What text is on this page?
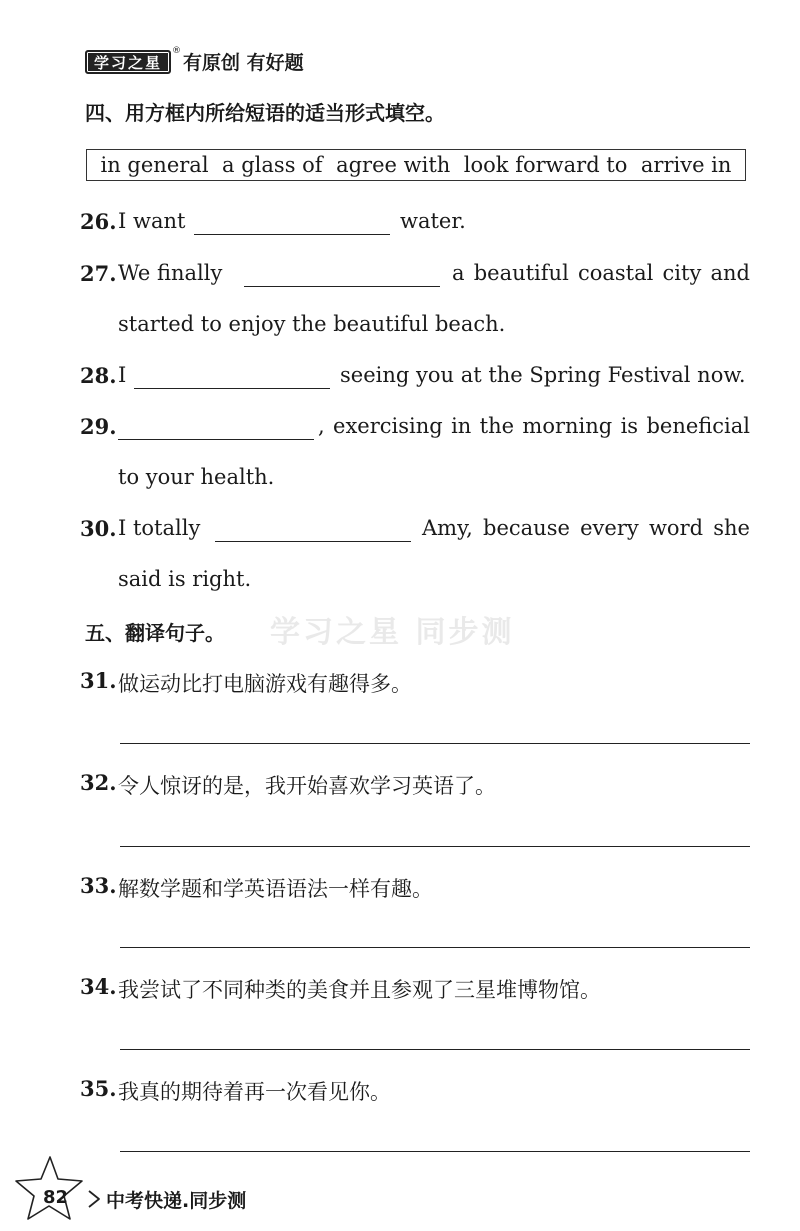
学习之星
®
有原创 有好题
四、用方框内所给短语的适当形式填空。
in general a glass of agree with look forward to arrive in
26. I want	water.
27. We finally	a beautiful coastal city and
started to enjoy the beautiful beach.
28. I	seeing you at the Spring Festival now.
29.	, exercising in the morning is beneficial
to your health.
30. I totally	Amy, because every word she
said is right.
五、翻译句子。 学习之星 同步测
31. 做运动比打电脑游戏有趣得多。
32. 令人惊讶的是，我开始喜欢学习英语了。
33. 解数学题和学英语语法一样有趣。
34. 我尝试了不同种类的美食并且参观了三星堆博物馆。
35. 我真的期待着再一次看见你。
82 中考快递.同步测
